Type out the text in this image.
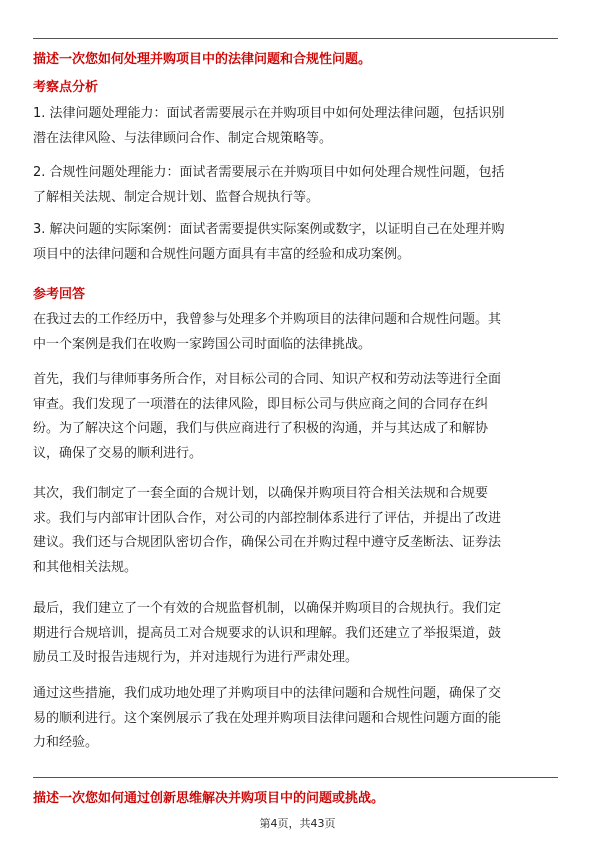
描述一次您如何处理并购项目中的法律问题和合规性问题。
考察点分析
1. 法律问题处理能力：面试者需要展示在并购项目中如何处理法律问题，包括识别
潜在法律风险、与法律顾问合作、制定合规策略等。
2. 合规性问题处理能力：面试者需要展示在并购项目中如何处理合规性问题，包括
了解相关法规、制定合规计划、监督合规执行等。
3. 解决问题的实际案例：面试者需要提供实际案例或数字，以证明自己在处理并购
项目中的法律问题和合规性问题方面具有丰富的经验和成功案例。
参考回答
在我过去的工作经历中，我曾参与处理多个并购项目的法律问题和合规性问题。其
中一个案例是我们在收购一家跨国公司时面临的法律挑战。
首先，我们与律师事务所合作，对目标公司的合同、知识产权和劳动法等进行全面
审查。我们发现了一项潜在的法律风险，即目标公司与供应商之间的合同存在纠
纷。为了解决这个问题，我们与供应商进行了积极的沟通，并与其达成了和解协
议，确保了交易的顺利进行。
其次，我们制定了一套全面的合规计划，以确保并购项目符合相关法规和合规要
求。我们与内部审计团队合作，对公司的内部控制体系进行了评估，并提出了改进
建议。我们还与合规团队密切合作，确保公司在并购过程中遵守反垄断法、证券法
和其他相关法规。
最后，我们建立了一个有效的合规监督机制，以确保并购项目的合规执行。我们定
期进行合规培训，提高员工对合规要求的认识和理解。我们还建立了举报渠道，鼓
励员工及时报告违规行为，并对违规行为进行严肃处理。
通过这些措施，我们成功地处理了并购项目中的法律问题和合规性问题，确保了交
易的顺利进行。这个案例展示了我在处理并购项目法律问题和合规性问题方面的能
力和经验。
描述一次您如何通过创新思维解决并购项目中的问题或挑战。
第4页，共43页
